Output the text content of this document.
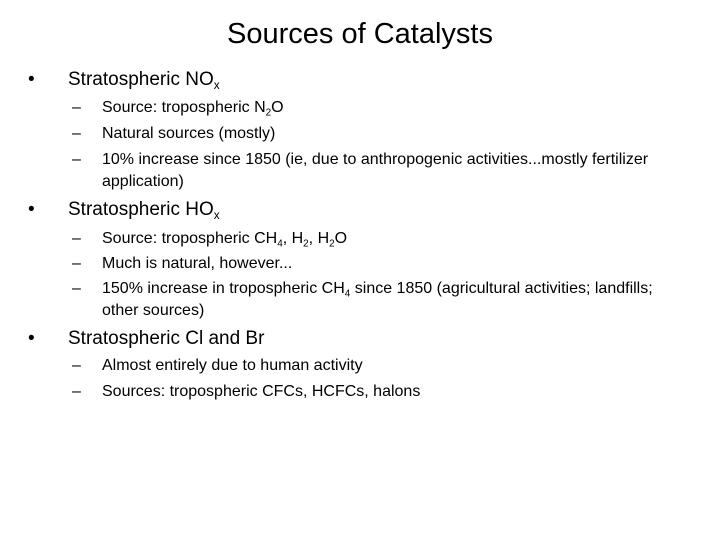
Sources of Catalysts
• Stratospheric $NO_x$
– Source: tropospheric $N_2O$
– Natural sources (mostly)
– 10% increase since 1850 (ie, due to anthropogenic activities...mostly fertilizer application)
• Stratospheric $HO_x$
– Source: tropospheric $CH_4$, $H_2$, $H_2O$
– Much is natural, however...
– 150% increase in tropospheric $CH_4$ since 1850 (agricultural activities; landfills; other sources)
• Stratospheric Cl and Br
– Almost entirely due to human activity
– Sources: tropospheric CFCs, HCFCs, halons
